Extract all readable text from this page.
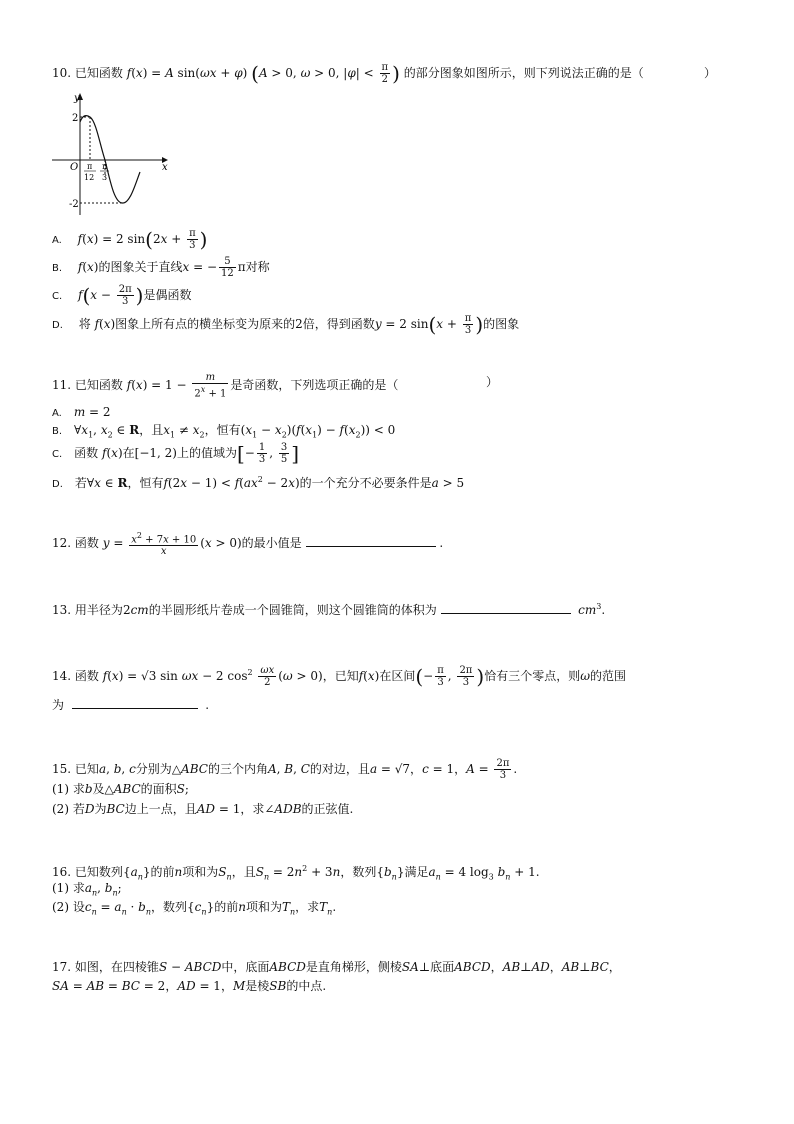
10. 已知函数 f(x) = A sin(ωx + φ) (A > 0, ω > 0, $|\varphi| < \frac{\pi}{2}$ ) 的部分图象如图所示，则下列说法正确的是（	）
y
x
O
2
-2
π
12
π
3
A. f(x) = 2 $\sin(2x + \frac{\pi}{3}$ )
B. f(x)的图象关于直线x = − $\frac{5}{12}$ π对称
C. $f(x - \frac{2\pi}{3}$ )是偶函数
D. 将 f(x)图象上所有点的横坐标变为原来的2倍，得到函数y = 2 $\sin(x + \frac{\pi}{3}$ )的图象
11. 已知函数 $f(x) = 1 - \frac{m}{2^x + 1}$ 是奇函数，下列选项正确的是（	）
A. m = 2
B. $\forall x_1$, $x_2$ ∈ R，且$x_1 \ne x_2$，恒有$(x_1 - x_2)(f(x_1) - f(x_2)) < 0$
C. 函数 f(x)在[−1, 2)上的值域为[− $\frac{1}{3}$ , $\frac{3}{5}$ ]
D. 若∀x ∈ R，恒有$f(2x - 1) < f(ax^2 - 2x)$的一个充分不必要条件是a > 5
12. 函数 $y = \frac{x^2 + 7x + 10}{x} (x > 0)$的最小值是	.
13. 用半径为2cm的半圆形纸片卷成一个圆锥筒，则这个圆锥筒的体积为	$cm^3$.
14. 函数 f(x) = √3 sin ωx − 2 $\cos^2 \frac{\omega x}{2} (\omega > 0)$，已知f(x)在区间(− $\frac{\pi}{3}$ , $\frac{2\pi}{3}$ )恰有三个零点，则ω的范围
为	.
15. 已知a, b, c分别为△ABC的三个内角A, B, C的对边，且a = √7，c = 1，$A = \frac{2\pi}{3}$ .
(1) 求b及△ABC的面积S;
(2) 若D为BC边上一点，且AD = 1，求∠ADB的正弦值.
16. 已知数列$\{a_n\}$的前n项和为$S_n$，且$S_n = 2n^2 + 3n$，数列$\{b_n\}$满足$a_n = 4$ $\log_3 b_n + 1$.
(1) 求$a_n$, $b_n$;
(2) 设$c_n = a_n \cdot b_n$，数列$\{c_n\}$的前n项和为$T_n$，求$T_n$.
17. 如图，在四棱锥S − ABCD中，底面ABCD是直角梯形，侧棱SA⊥底面ABCD，AB⊥AD，AB⊥BC，
SA = AB = BC = 2，AD = 1，M是棱SB的中点.
